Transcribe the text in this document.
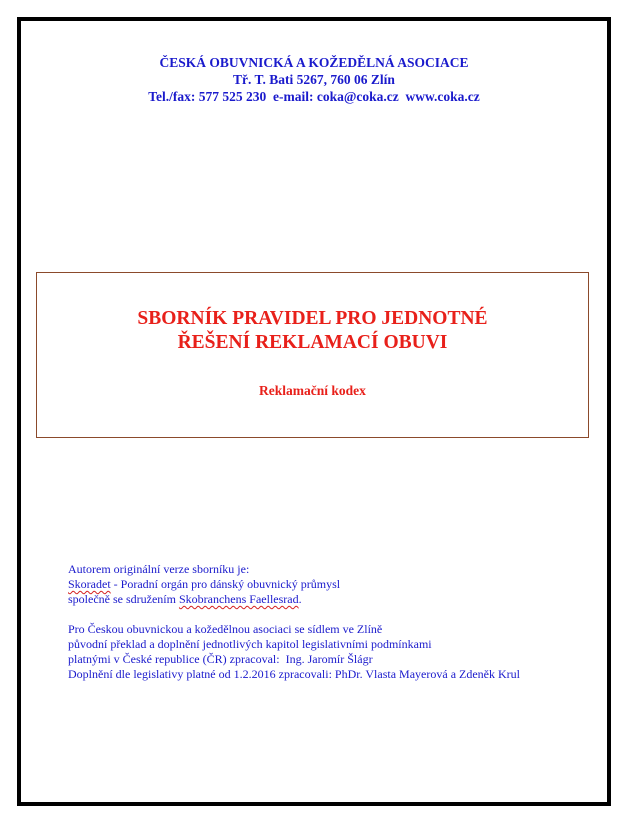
ČESKÁ OBUVNICKÁ A KOŽEDĚLNÁ ASOCIACE
Tř. T. Bati 5267, 760 06 Zlín
Tel./fax: 577 525 230  e-mail: coka@coka.cz  www.coka.cz
SBORNÍK PRAVIDEL PRO JEDNOTNÉ
ŘEŠENÍ REKLAMACÍ OBUVI
Reklamační kodex
Autorem originální verze sborníku je:
Skoradet - Poradní orgán pro dánský obuvnický průmysl
společně se sdružením Skobranchens Faellesrad.
Pro Českou obuvnickou a kožedělnou asociaci se sídlem ve Zlíně
původní překlad a doplnění jednotlivých kapitol legislativními podmínkami
platnými v České republice (ČR) zpracoval:  Ing. Jaromír Šlágr
Doplnění dle legislativy platné od 1.2.2016 zpracovali: PhDr. Vlasta Mayerová a Zdeněk Krul
